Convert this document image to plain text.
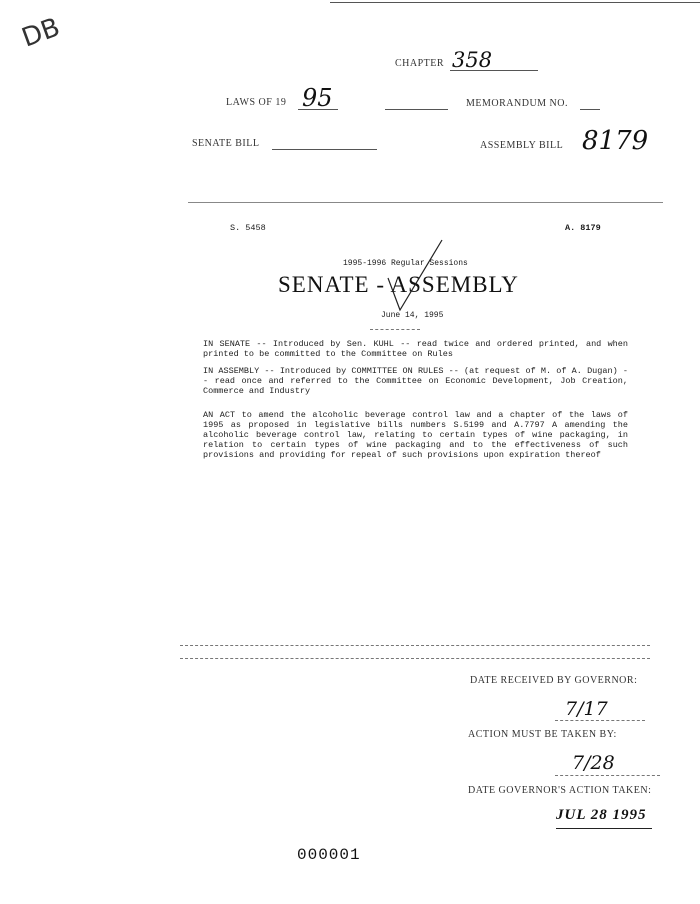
DB
CHAPTER 358
LAWS OF 19 95	MEMORANDUM NO.
SENATE BILL	ASSEMBLY BILL 8179
S. 5458	A. 8179
1995-1996 Regular Sessions
SENATE - ASSEMBLY
June 14, 1995
IN SENATE -- Introduced by Sen. KUHL -- read twice and ordered printed, and when printed to be committed to the Committee on Rules
IN ASSEMBLY -- Introduced by COMMITTEE ON RULES -- (at request of M. of A. Dugan) -- read once and referred to the Committee on Economic Development, Job Creation, Commerce and Industry
AN ACT to amend the alcoholic beverage control law and a chapter of the laws of 1995 as proposed in legislative bills numbers S.5199 and A.7797 A amending the alcoholic beverage control law, relating to certain types of wine packaging, in relation to certain types of wine packaging and to the effectiveness of such provisions and providing for repeal of such provisions upon expiration thereof
DATE RECEIVED BY GOVERNOR:
7/17
ACTION MUST BE TAKEN BY:
7/28
DATE GOVERNOR'S ACTION TAKEN:
JUL 28 1995
000001
